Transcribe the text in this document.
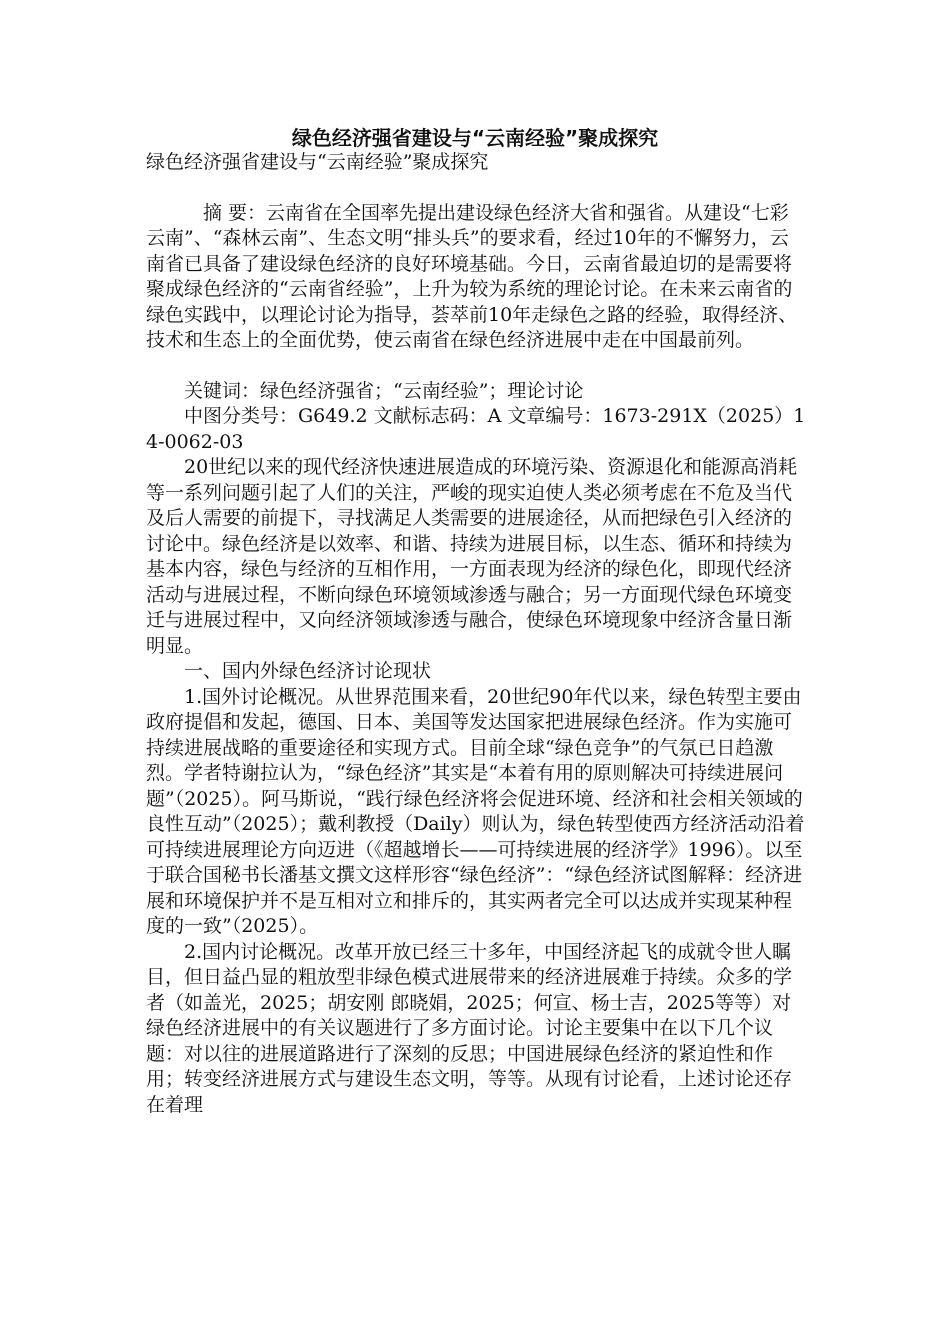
绿色经济强省建设与“云南经验”聚成探究

绿色经济强省建设与“云南经验”聚成探究

摘 要：云南省在全国率先提出建设绿色经济大省和强省。从建设“七彩云南”、“森林云南”、生态文明“排头兵”的要求看，经过10年的不懈努力，云南省已具备了建设绿色经济的良好环境基础。今日，云南省最迫切的是需要将聚成绿色经济的“云南省经验”，上升为较为系统的理论讨论。在未来云南省的绿色实践中，以理论讨论为指导，荟萃前10年走绿色之路的经验，取得经济、技术和生态上的全面优势，使云南省在绿色经济进展中走在中国最前列。

关键词：绿色经济强省；“云南经验”；理论讨论

中图分类号：G649.2 文献标志码：A 文章编号：1673-291X（2025）14-0062-03

20世纪以来的现代经济快速进展造成的环境污染、资源退化和能源高消耗等一系列问题引起了人们的关注，严峻的现实迫使人类必须考虑在不危及当代及后人需要的前提下，寻找满足人类需要的进展途径，从而把绿色引入经济的讨论中。绿色经济是以效率、和谐、持续为进展目标，以生态、循环和持续为基本内容，绿色与经济的互相作用，一方面表现为经济的绿色化，即现代经济活动与进展过程，不断向绿色环境领域渗透与融合；另一方面现代绿色环境变迁与进展过程中，又向经济领域渗透与融合，使绿色环境现象中经济含量日渐明显。

一、国内外绿色经济讨论现状

1.国外讨论概况。从世界范围来看，20世纪90年代以来，绿色转型主要由政府提倡和发起，德国、日本、美国等发达国家把进展绿色经济。作为实施可持续进展战略的重要途径和实现方式。目前全球“绿色竞争”的气氛已日趋激烈。学者特谢拉认为，“绿色经济”其实是“本着有用的原则解决可持续进展问题”（2025）。阿马斯说，“践行绿色经济将会促进环境、经济和社会相关领域的良性互动”（2025）；戴利教授（Daily）则认为，绿色转型使西方经济活动沿着可持续进展理论方向迈进（《超越增长——可持续进展的经济学》1996）。以至于联合国秘书长潘基文撰文这样形容“绿色经济”：“绿色经济试图解释：经济进展和环境保护并不是互相对立和排斥的，其实两者完全可以达成并实现某种程度的一致”（2025）。

2.国内讨论概况。改革开放已经三十多年，中国经济起飞的成就令世人瞩目，但日益凸显的粗放型非绿色模式进展带来的经济进展难于持续。众多的学者（如盖光，2025；胡安刚 郎晓娟，2025；何宣、杨士吉，2025等等）对绿色经济进展中的有关议题进行了多方面讨论。讨论主要集中在以下几个议题：对以往的进展道路进行了深刻的反思；中国进展绿色经济的紧迫性和作用；转变经济进展方式与建设生态文明，等等。从现有讨论看，上述讨论还存在着理
